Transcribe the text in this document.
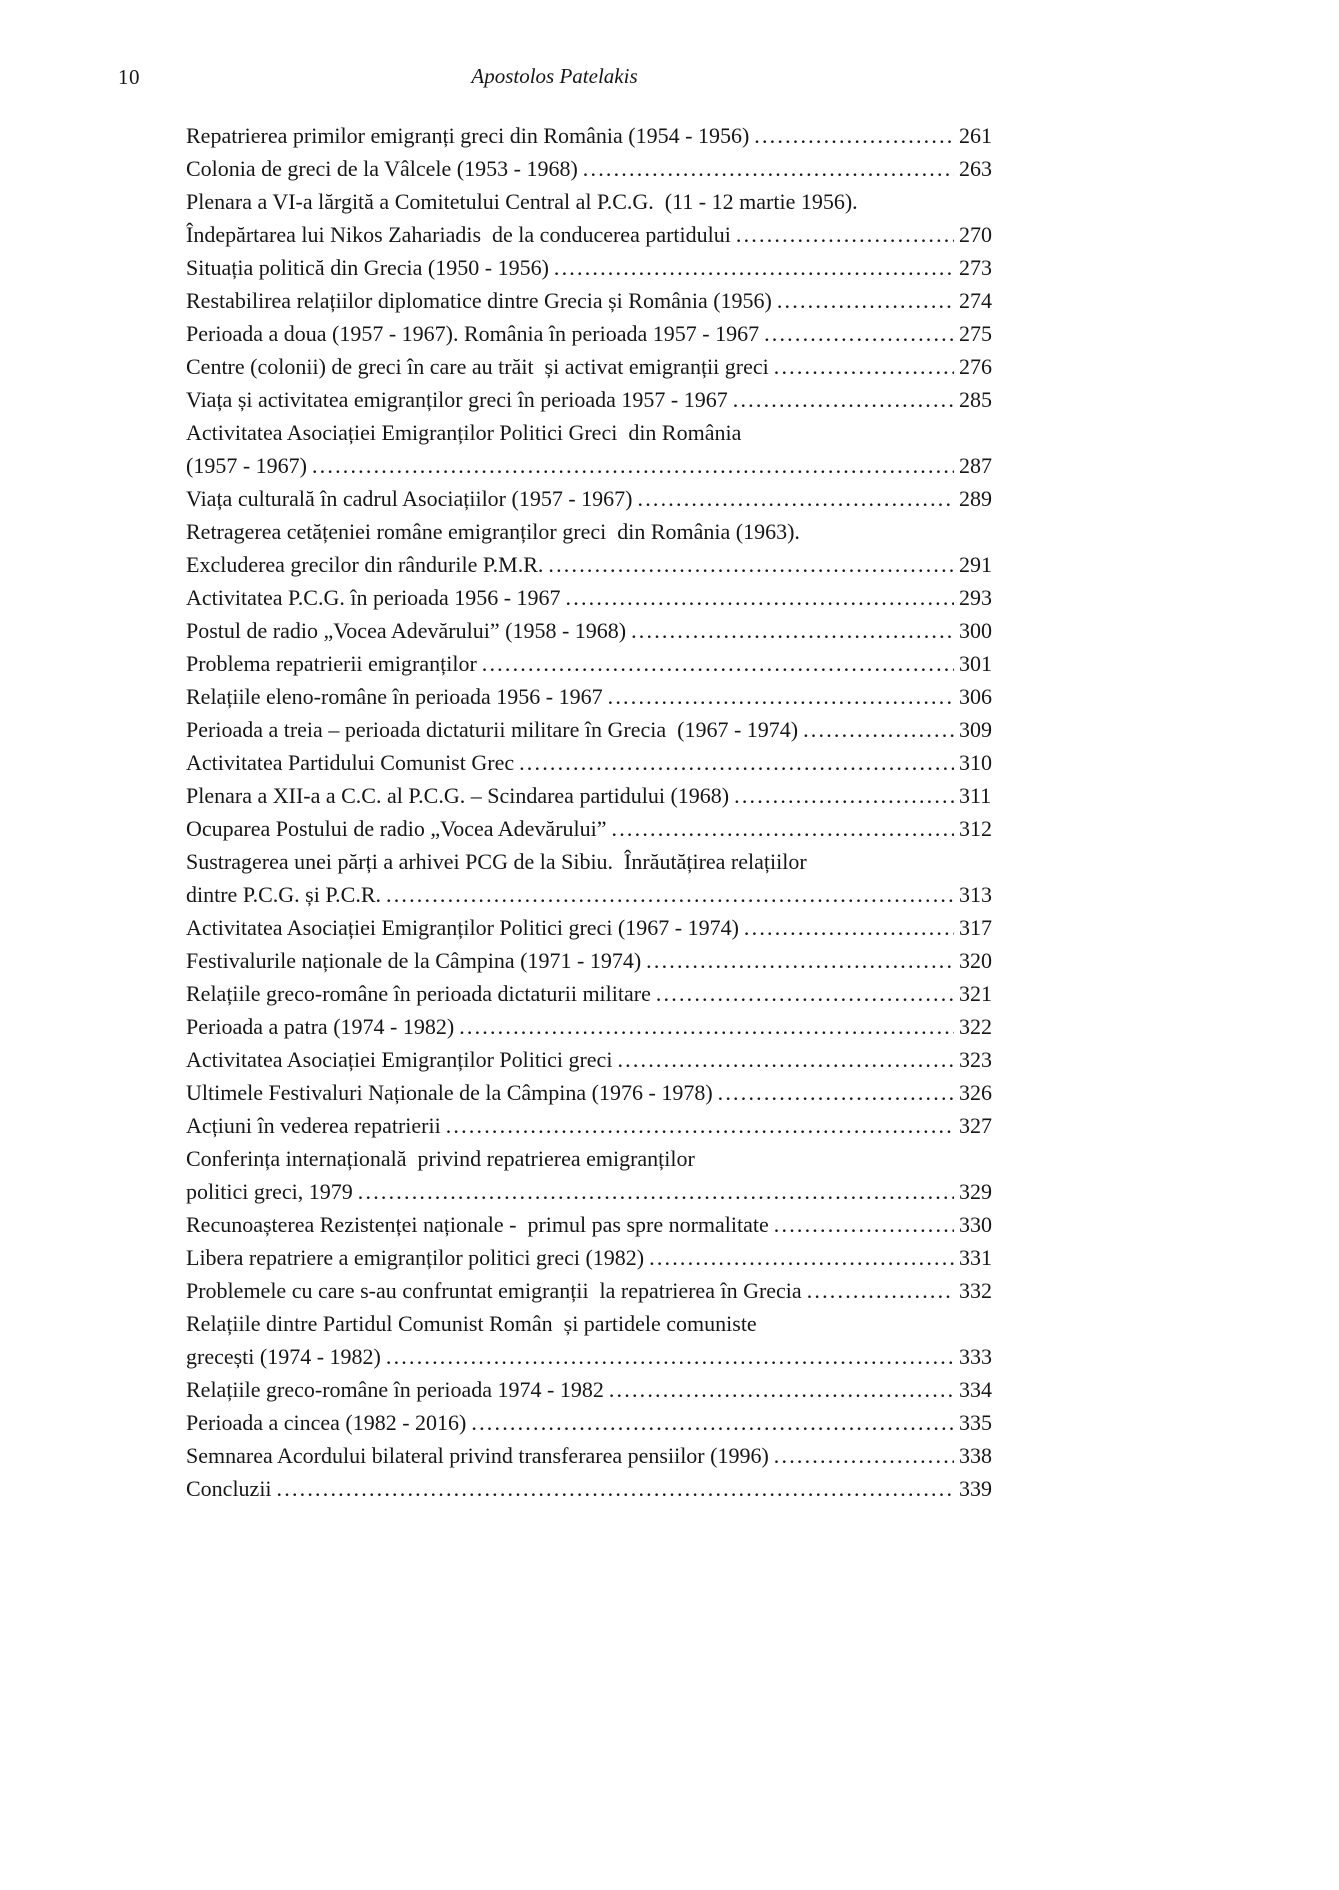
10	Apostolos Patelakis
Repatrierea primilor emigranți greci din România (1954 - 1956) .....	261
Colonia de greci de la Vâlcele (1953 - 1968) .....	263
Plenara a VI-a lărgită a Comitetului Central al P.C.G.  (11 - 12 martie 1956).
Îndepărtarea lui Nikos Zahariadis  de la conducerea partidului .....	270
Situația politică din Grecia (1950 - 1956) .....	273
Restabilirea relațiilor diplomatice dintre Grecia și România (1956) .....	274
Perioada a doua (1957 - 1967). România în perioada 1957 - 1967 .....	275
Centre (colonii) de greci în care au trăit  și activat emigranții greci .....	276
Viața și activitatea emigranților greci în perioada 1957 - 1967 .....	285
Activitatea Asociației Emigranților Politici Greci  din România
(1957 - 1967) .....	287
Viața culturală în cadrul Asociațiilor (1957 - 1967) .....	289
Retragerea cetățeniei române emigranților greci  din România (1963).
Excluderea grecilor din rândurile P.M.R. .....	291
Activitatea P.C.G. în perioada 1956 - 1967 .....	293
Postul de radio „Vocea Adevărului” (1958 - 1968) .....	300
Problema repatrierii emigranților .....	301
Relațiile eleno-române în perioada 1956 - 1967 .....	306
Perioada a treia – perioada dictaturii militare în Grecia  (1967 - 1974) .....	309
Activitatea Partidului Comunist Grec .....	310
Plenara a XII-a a C.C. al P.C.G. – Scindarea partidului (1968) .....	311
Ocuparea Postului de radio „Vocea Adevărului” .....	312
Sustragerea unei părți a arhivei PCG de la Sibiu.  Înrăutățirea relațiilor
dintre P.C.G. și P.C.R. .....	313
Activitatea Asociației Emigranților Politici greci (1967 - 1974) .....	317
Festivalurile naționale de la Câmpina (1971 - 1974) .....	320
Relațiile greco-române în perioada dictaturii militare .....	321
Perioada a patra (1974 - 1982) .....	322
Activitatea Asociației Emigranților Politici greci .....	323
Ultimele Festivaluri Naționale de la Câmpina (1976 - 1978) .....	326
Acțiuni în vederea repatrierii .....	327
Conferința internațională  privind repatrierea emigranților
politici greci, 1979 .....	329
Recunoașterea Rezistenței naționale -  primul pas spre normalitate .....	330
Libera repatriere a emigranților politici greci (1982) .....	331
Problemele cu care s-au confruntat emigranții  la repatrierea în Grecia .....	332
Relațiile dintre Partidul Comunist Român  și partidele comuniste
grecești (1974 - 1982) .....	333
Relațiile greco-române în perioada 1974 - 1982 .....	334
Perioada a cincea (1982 - 2016) .....	335
Semnarea Acordului bilateral privind transferarea pensiilor (1996) .....	338
Concluzii .....	339
